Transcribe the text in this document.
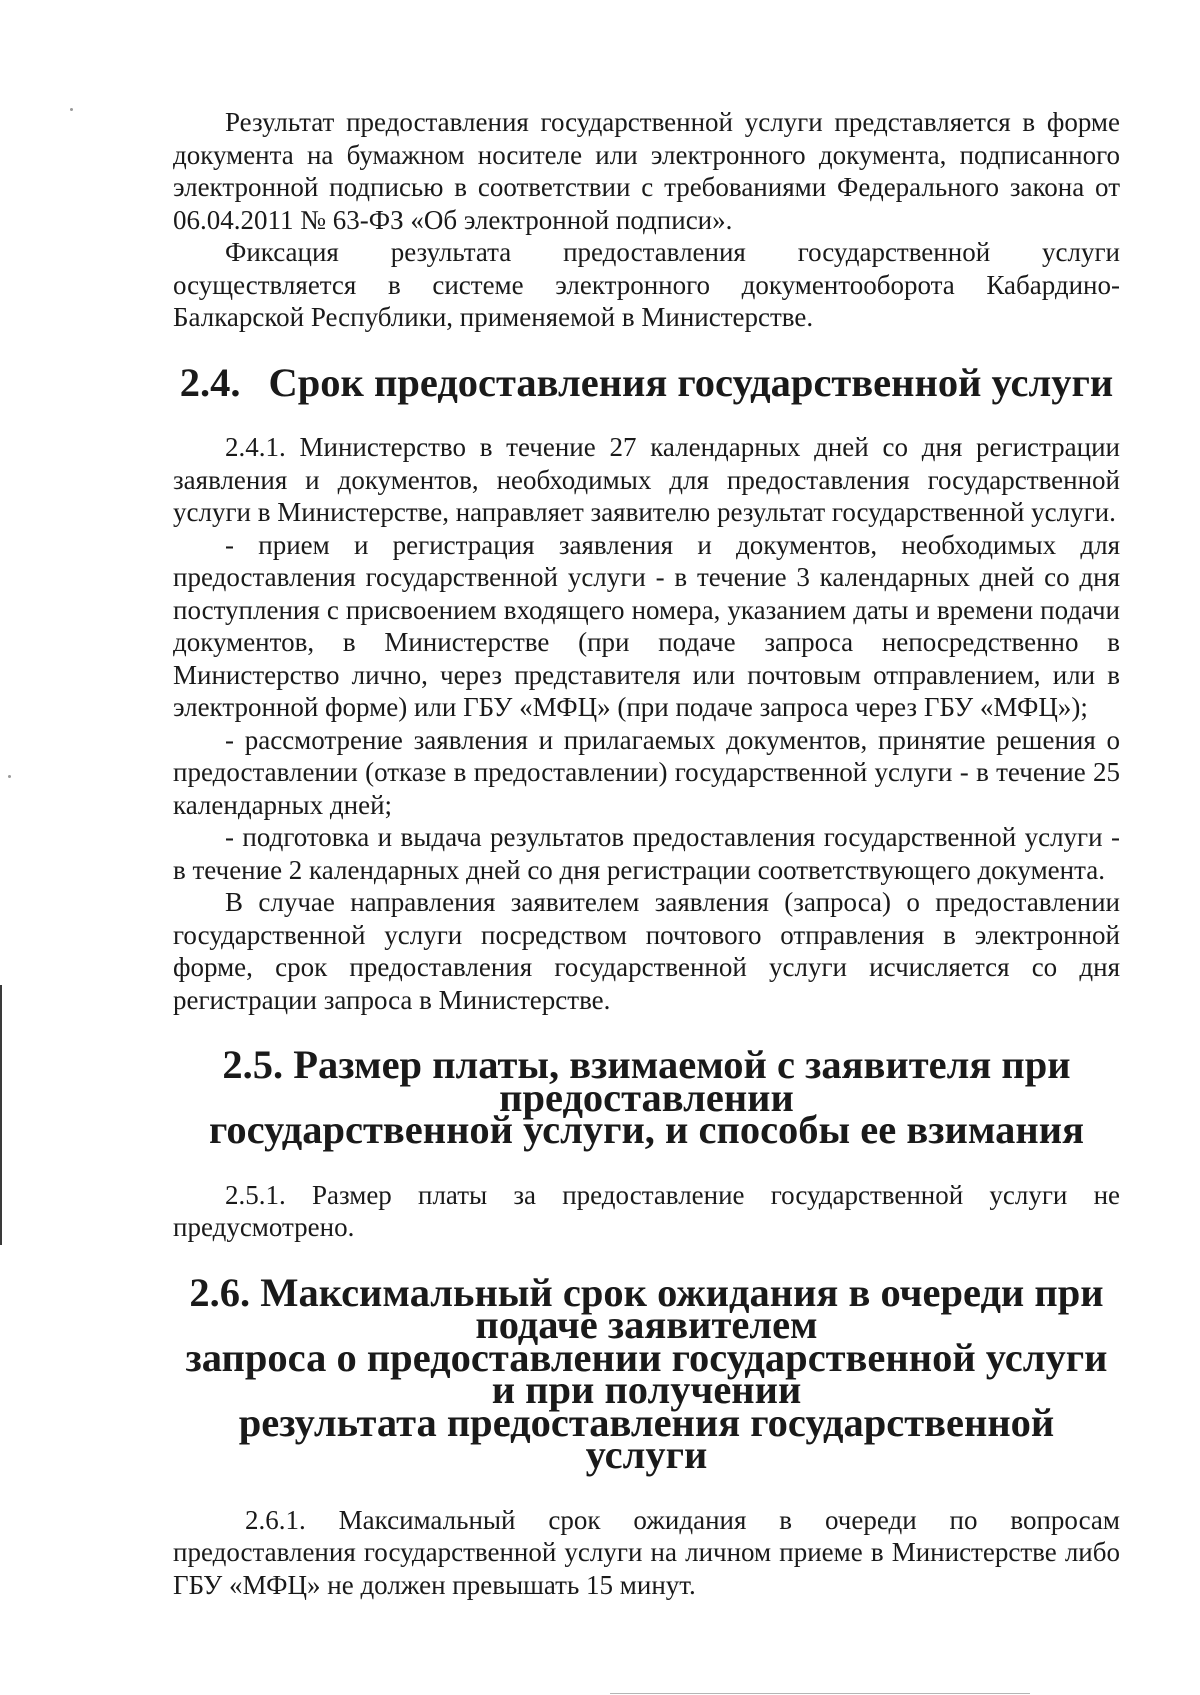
Результат предоставления государственной услуги представляется в форме документа на бумажном носителе или электронного документа, подписанного электронной подписью в соответствии с требованиями Федерального закона от 06.04.2011 № 63-ФЗ «Об электронной подписи».

Фиксация результата предоставления государственной услуги осуществляется в системе электронного документооборота Кабардино-Балкарской Республики, применяемой в Министерстве.

2.4. Срок предоставления государственной услуги

2.4.1. Министерство в течение 27 календарных дней со дня регистрации заявления и документов, необходимых для предоставления государственной услуги в Министерстве, направляет заявителю результат государственной услуги.

- прием и регистрация заявления и документов, необходимых для предоставления государственной услуги - в течение 3 календарных дней со дня поступления с присвоением входящего номера, указанием даты и времени подачи документов, в Министерстве (при подаче запроса непосредственно в Министерство лично, через представителя или почтовым отправлением, или в электронной форме) или ГБУ «МФЦ» (при подаче запроса через ГБУ «МФЦ»);

- рассмотрение заявления и прилагаемых документов, принятие решения о предоставлении (отказе в предоставлении) государственной услуги - в течение 25 календарных дней;

- подготовка и выдача результатов предоставления государственной услуги - в течение 2 календарных дней со дня регистрации соответствующего документа.

В случае направления заявителем заявления (запроса) о предоставлении государственной услуги посредством почтового отправления в электронной форме, срок предоставления государственной услуги исчисляется со дня регистрации запроса в Министерстве.

2.5. Размер платы, взимаемой с заявителя при предоставлении
государственной услуги, и способы ее взимания

2.5.1. Размер платы за предоставление государственной услуги не предусмотрено.

2.6. Максимальный срок ожидания в очереди при подаче заявителем
запроса о предоставлении государственной услуги и при получении
результата предоставления государственной услуги

2.6.1. Максимальный срок ожидания в очереди по вопросам предоставления государственной услуги на личном приеме в Министерстве либо ГБУ «МФЦ» не должен превышать 15 минут.
